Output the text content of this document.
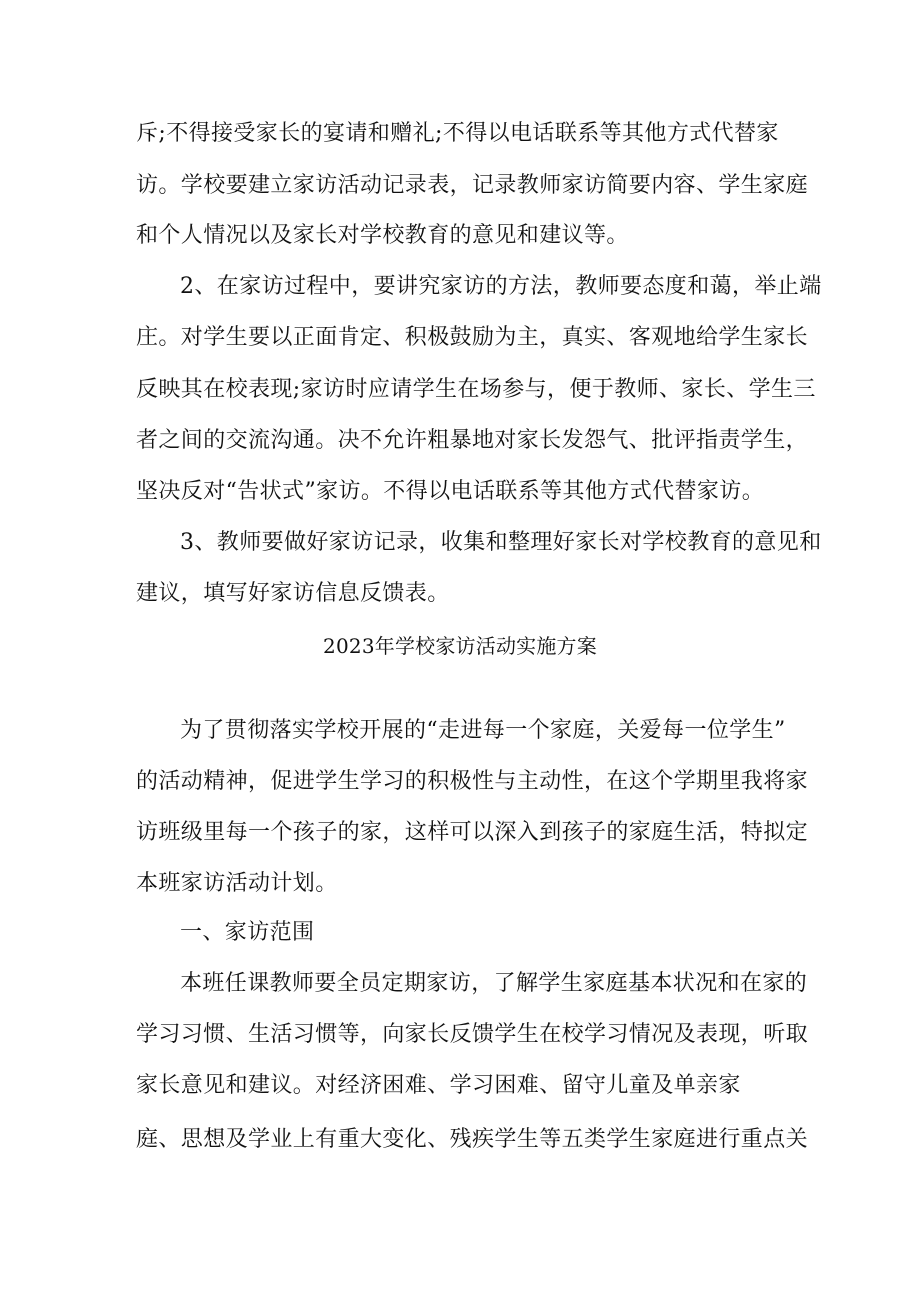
斥;不得接受家长的宴请和赠礼;不得以电话联系等其他方式代替家
访。学校要建立家访活动记录表，记录教师家访简要内容、学生家庭
和个人情况以及家长对学校教育的意见和建议等。
2、在家访过程中，要讲究家访的方法，教师要态度和蔼，举止端
庄。对学生要以正面肯定、积极鼓励为主，真实、客观地给学生家长
反映其在校表现;家访时应请学生在场参与，便于教师、家长、学生三
者之间的交流沟通。决不允许粗暴地对家长发怨气、批评指责学生，
坚决反对“告状式”家访。不得以电话联系等其他方式代替家访。
3、教师要做好家访记录，收集和整理好家长对学校教育的意见和
建议，填写好家访信息反馈表。
2023年学校家访活动实施方案
为了贯彻落实学校开展的“走进每一个家庭，关爱每一位学生”
的活动精神，促进学生学习的积极性与主动性，在这个学期里我将家
访班级里每一个孩子的家，这样可以深入到孩子的家庭生活，特拟定
本班家访活动计划。
一、家访范围
本班任课教师要全员定期家访，了解学生家庭基本状况和在家的
学习习惯、生活习惯等，向家长反馈学生在校学习情况及表现，听取
家长意见和建议。对经济困难、学习困难、留守儿童及单亲家
庭、思想及学业上有重大变化、残疾学生等五类学生家庭进行重点关
